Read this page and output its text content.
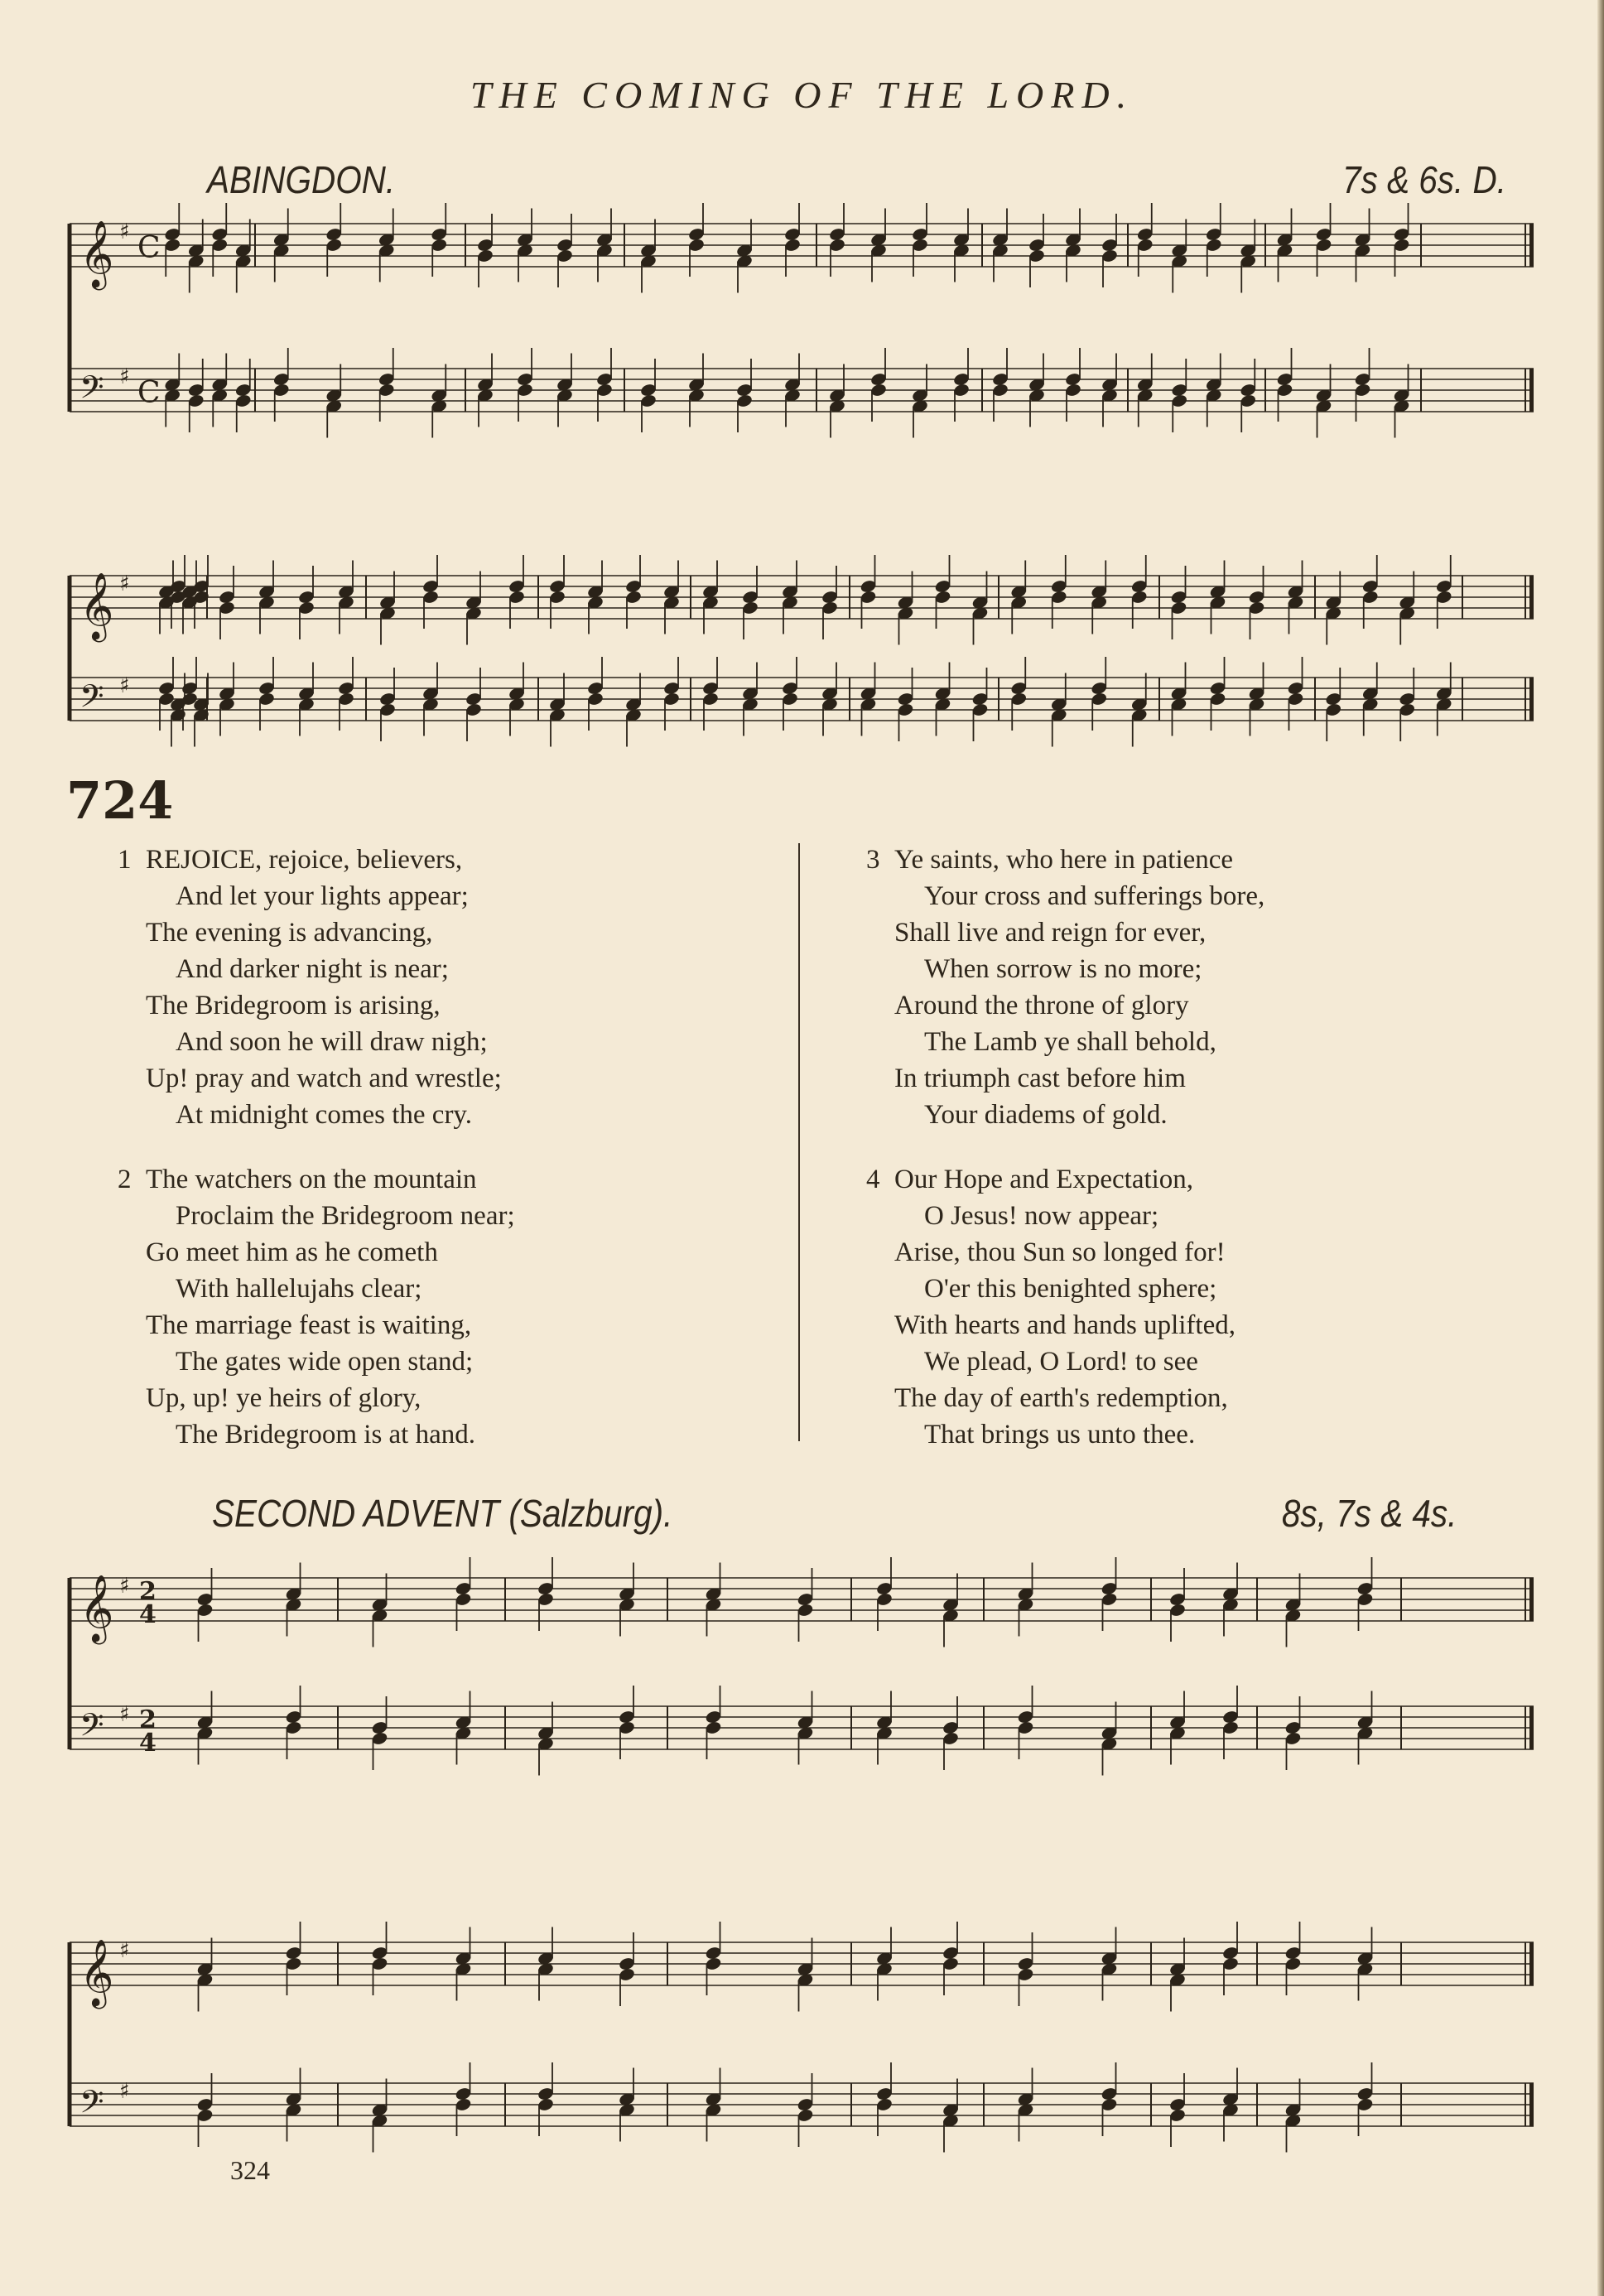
THE COMING OF THE LORD.
ABINGDON.	7s & 6s. D.
𝄞 ♯ C
𝄢 ♯ C
𝄞 ♯
𝄢 ♯
𝄞 ♯ 2
4
𝄢 ♯ 2
4
𝄞 ♯
𝄢 ♯
724
1 REJOICE, rejoice, believers,
And let your lights appear;
The evening is advancing,
And darker night is near;
The Bridegroom is arising,
And soon he will draw nigh;
Up! pray and watch and wrestle;
At midnight comes the cry.
2 The watchers on the mountain
Proclaim the Bridegroom near;
Go meet him as he cometh
With hallelujahs clear;
The marriage feast is waiting,
The gates wide open stand;
Up, up! ye heirs of glory,
The Bridegroom is at hand.
3 Ye saints, who here in patience
Your cross and sufferings bore,
Shall live and reign for ever,
When sorrow is no more;
Around the throne of glory
The Lamb ye shall behold,
In triumph cast before him
Your diadems of gold.
4 Our Hope and Expectation,
O Jesus! now appear;
Arise, thou Sun so longed for!
O'er this benighted sphere;
With hearts and hands uplifted,
We plead, O Lord! to see
The day of earth's redemption,
That brings us unto thee.
SECOND ADVENT (Salzburg).	8s, 7s & 4s.
324
